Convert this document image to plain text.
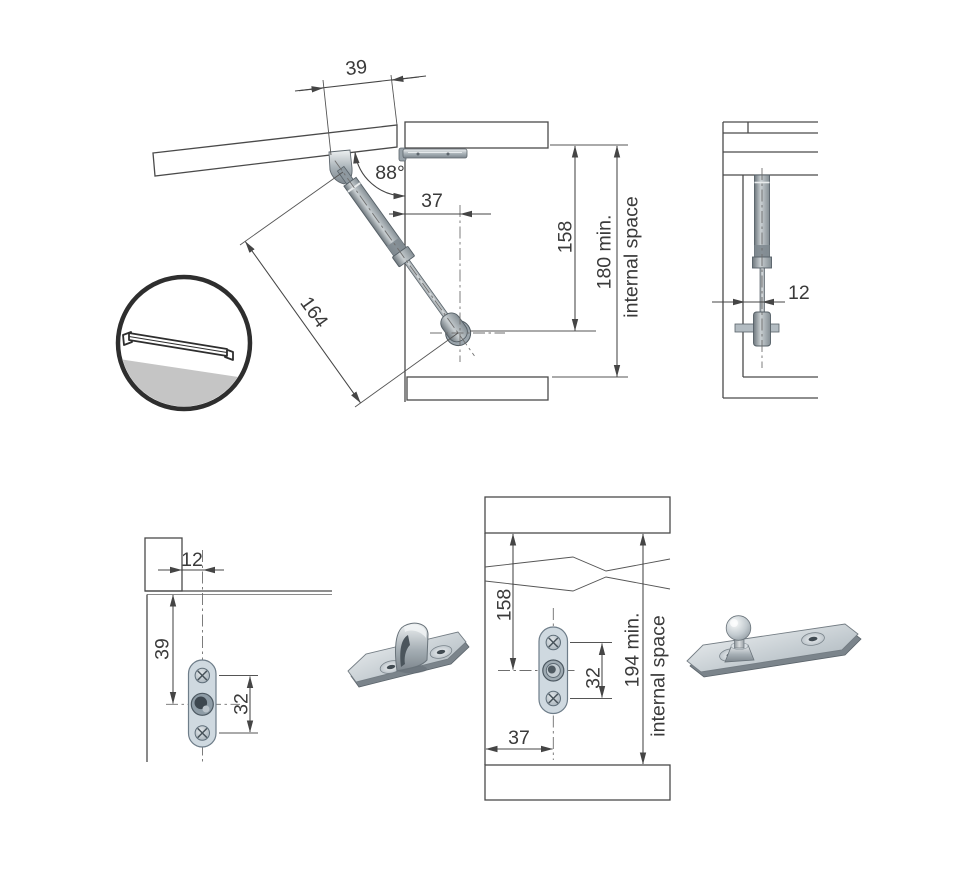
39
88°
37
164
158 180 min. internal space	12
12
39
32
158
32
37
194 min. internal space
